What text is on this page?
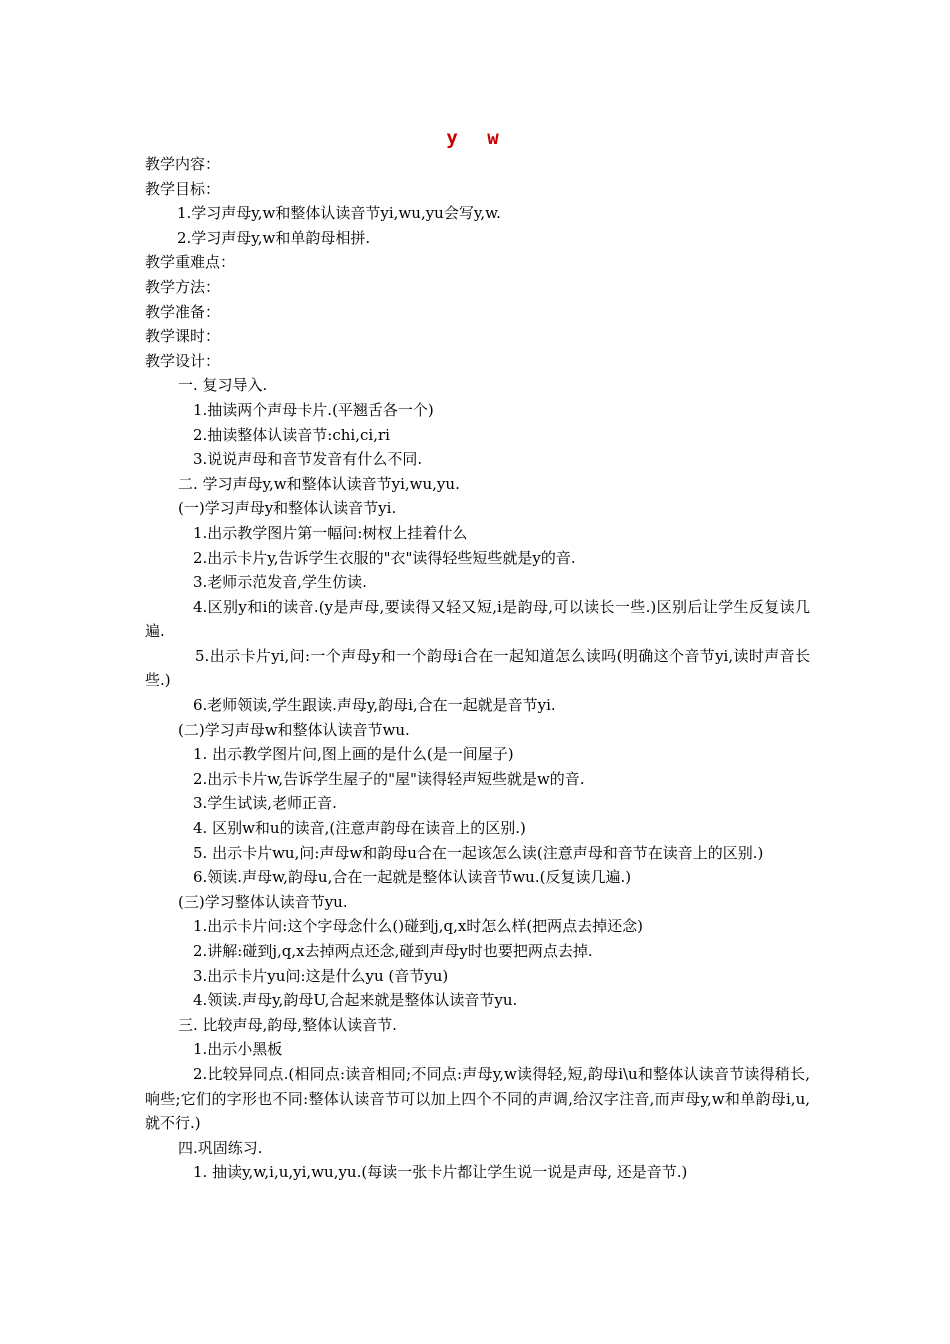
y w

教学内容：

教学目标：

1.学习声母y,w和整体认读音节yi,wu,yu会写y,w.

2.学习声母y,w和单韵母相拼.

教学重难点：

教学方法：

教学准备：

教学课时：

教学设计：

一. 复习导入.

1.抽读两个声母卡片.(平翘舌各一个)

2.抽读整体认读音节:chi,ci,ri

3.说说声母和音节发音有什么不同.

二. 学习声母y,w和整体认读音节yi,wu,yu.

(一)学习声母y和整体认读音节yi.

1.出示教学图片第一幅问:树杈上挂着什么

2.出示卡片y,告诉学生衣服的"衣"读得轻些短些就是y的音.

3.老师示范发音,学生仿读.

4.区别y和i的读音.(y是声母,要读得又轻又短,i是韵母,可以读长一些.)区别后让学生反复读几遍.

5.出示卡片yi,问:一个声母y和一个韵母i合在一起知道怎么读吗(明确这个音节yi,读时声音长些.)

6.老师领读,学生跟读.声母y,韵母i,合在一起就是音节yi.

(二)学习声母w和整体认读音节wu.

1. 出示教学图片问,图上画的是什么(是一间屋子)

2.出示卡片w,告诉学生屋子的"屋"读得轻声短些就是w的音.

3.学生试读,老师正音.

4. 区别w和u的读音,(注意声韵母在读音上的区别.)

5. 出示卡片wu,问:声母w和韵母u合在一起该怎么读(注意声母和音节在读音上的区别.)

6.领读.声母w,韵母u,合在一起就是整体认读音节wu.(反复读几遍.)

(三)学习整体认读音节yu.

1.出示卡片问:这个字母念什么()碰到j,q,x时怎么样(把两点去掉还念)

2.讲解:碰到j,q,x去掉两点还念,碰到声母y时也要把两点去掉.

3.出示卡片yu问:这是什么yu (音节yu)

4.领读.声母y,韵母U,合起来就是整体认读音节yu.

三. 比较声母,韵母,整体认读音节.

1.出示小黑板

2.比较异同点.(相同点:读音相同;不同点:声母y,w读得轻,短,韵母i\u和整体认读音节读得稍长,响些;它们的字形也不同:整体认读音节可以加上四个不同的声调,给汉字注音,而声母y,w和单韵母i,u,就不行.)

四.巩固练习.

1. 抽读y,w,i,u,yi,wu,yu.(每读一张卡片都让学生说一说是声母, 还是音节.)
